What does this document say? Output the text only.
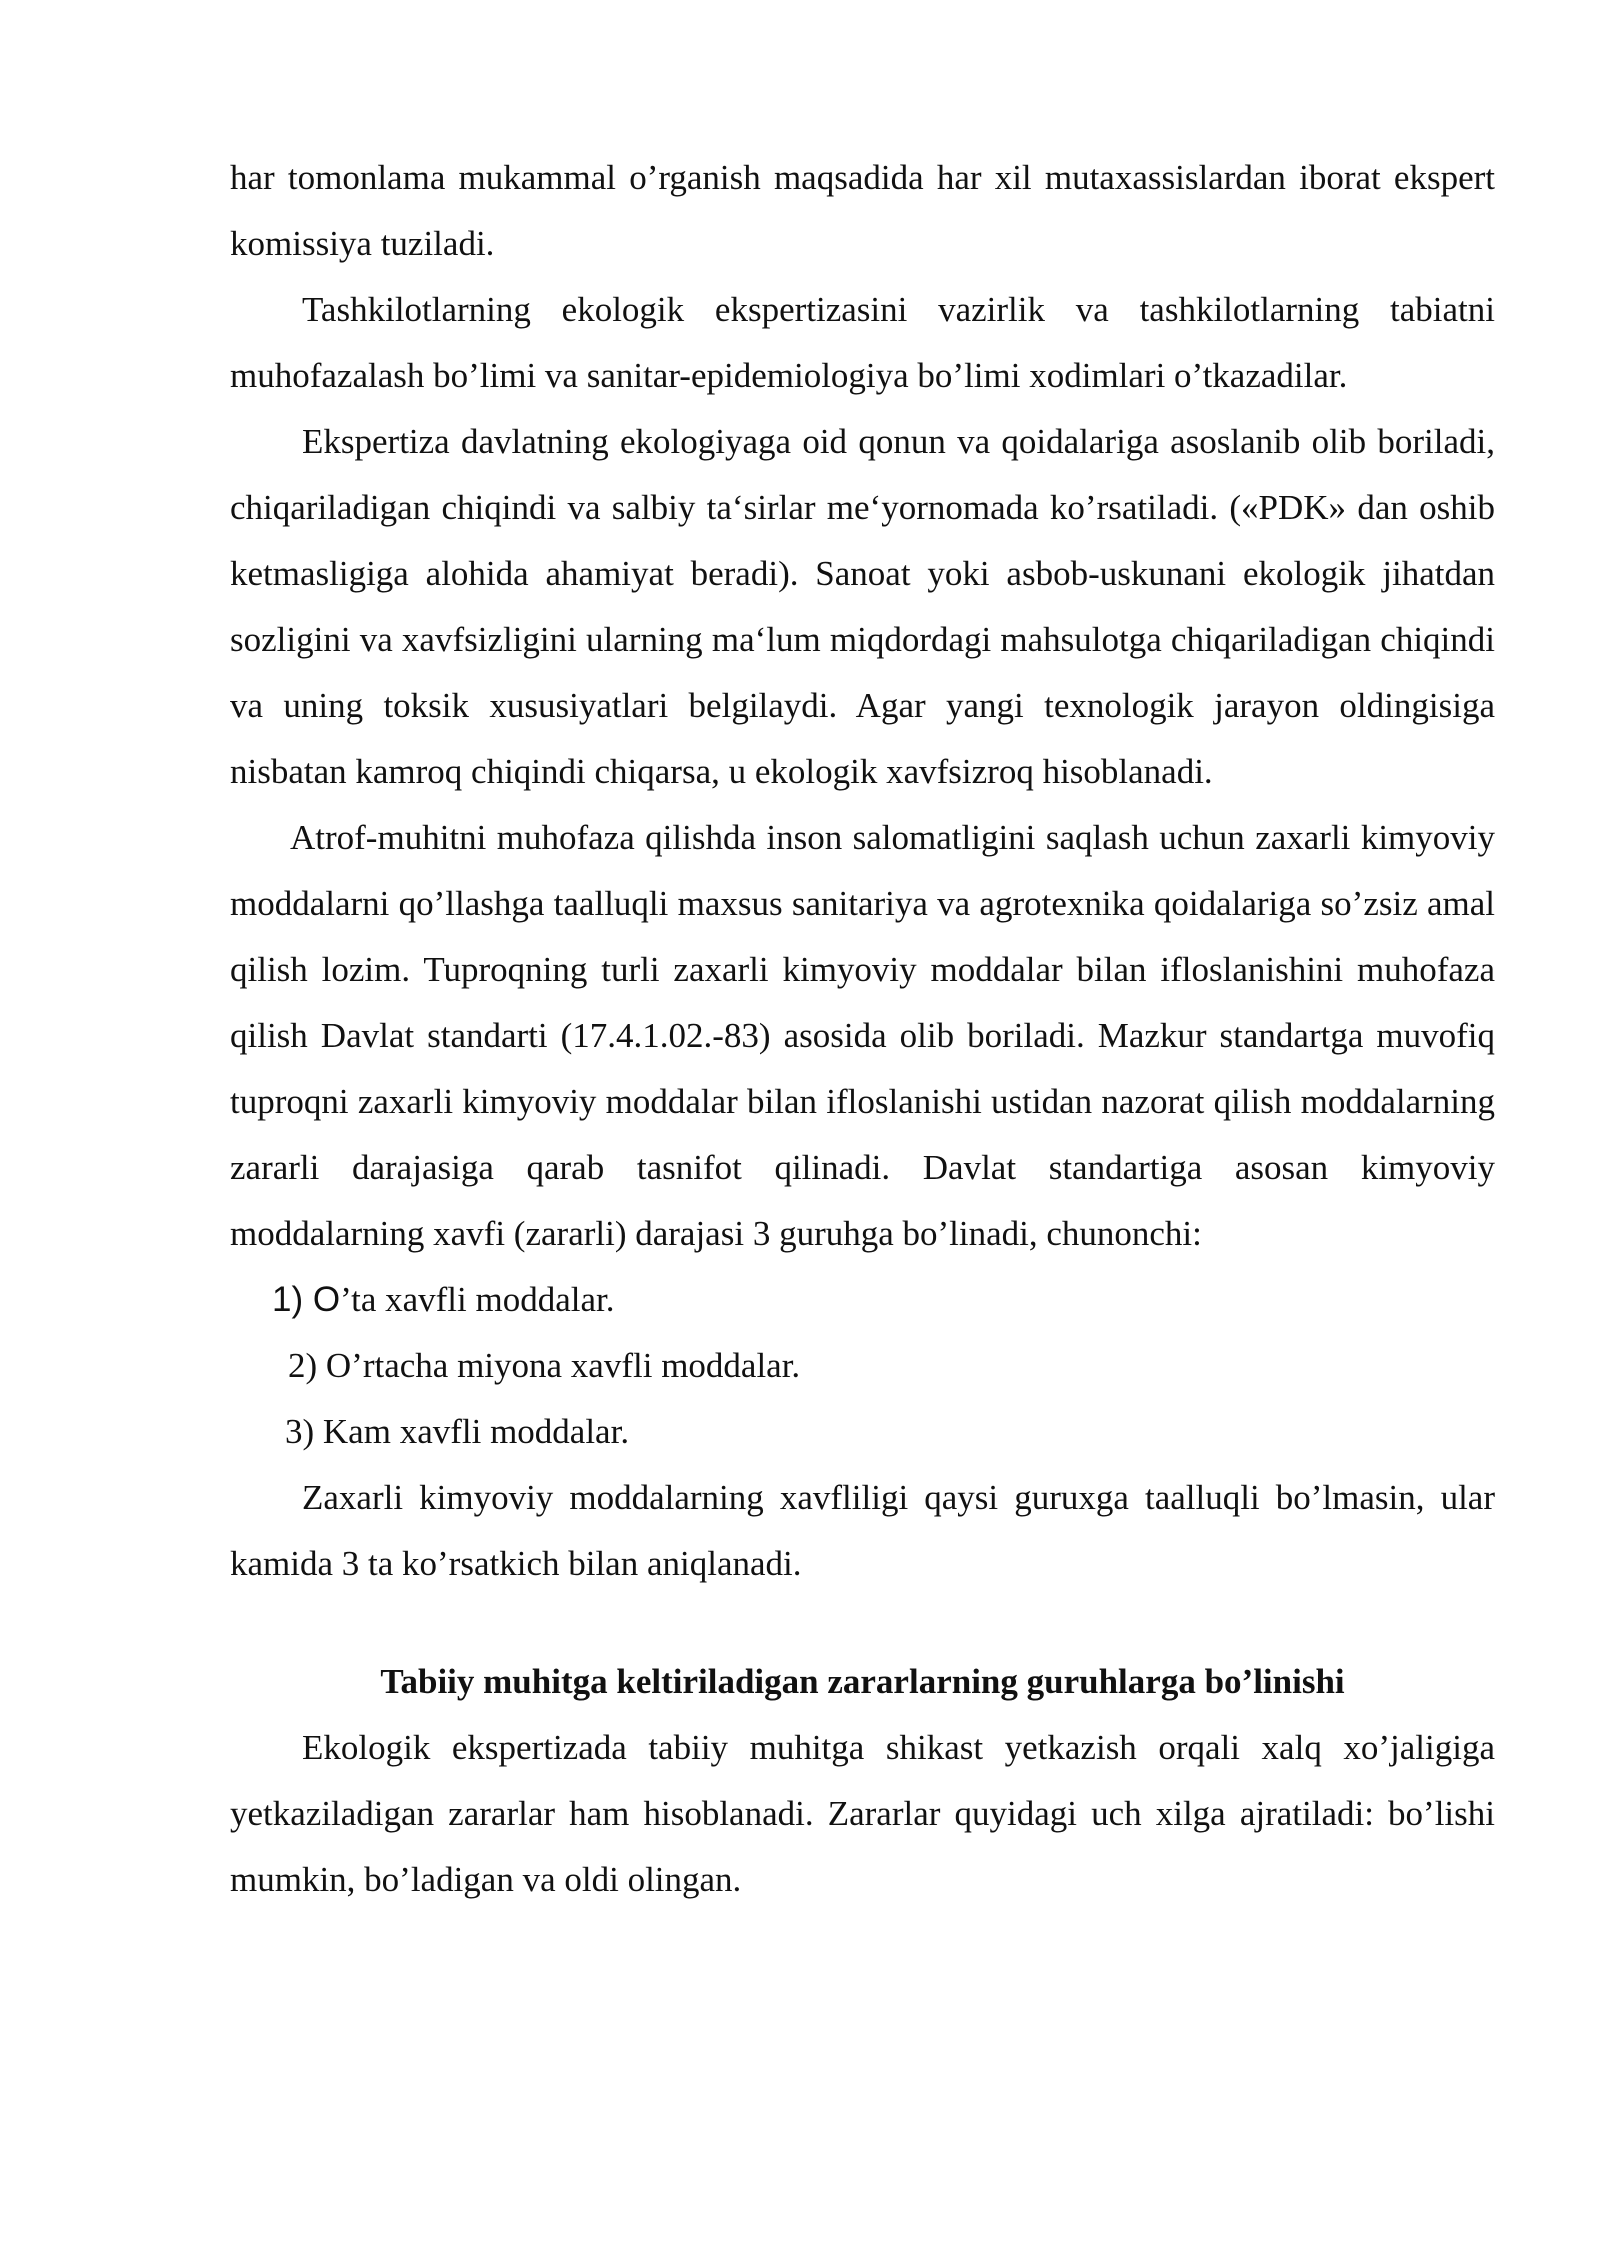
har tomonlama mukammal o’rganish maqsadida har xil mutaxassislardan iborat ekspert komissiya tuziladi.

Tashkilotlarning ekologik ekspertizasini vazirlik va tashkilotlarning tabiatni muhofazalash bo’limi va sanitar-epidemiologiya bo’limi xodimlari o’tkazadilar.

Ekspertiza davlatning ekologiyaga oid qonun va qoidalariga asoslanib olib boriladi, chiqariladigan chiqindi va salbiy ta‘sirlar me‘yornomada ko’rsatiladi. («PDK» dan oshib ketmasligiga alohida ahamiyat beradi). Sanoat yoki asbob-uskunani ekologik jihatdan sozligini va xavfsizligini ularning ma‘lum miqdordagi mahsulotga chiqariladigan chiqindi va uning toksik xususiyatlari belgilaydi. Agar yangi texnologik jarayon oldingisiga nisbatan kamroq chiqindi chiqarsa, u ekologik xavfsizroq hisoblanadi.

Atrof-muhitni muhofaza qilishda inson salomatligini saqlash uchun zaxarli kimyoviy moddalarni qo’llashga taalluqli maxsus sanitariya va agrotexnika qoidalariga so’zsiz amal qilish lozim. Tuproqning turli zaxarli kimyoviy moddalar bilan ifloslanishini muhofaza qilish Davlat standarti (17.4.1.02.-83) asosida olib boriladi. Mazkur standartga muvofiq tuproqni zaxarli kimyoviy moddalar bilan ifloslanishi ustidan nazorat qilish moddalarning zararli darajasiga qarab tasnifot qilinadi. Davlat standartiga asosan kimyoviy moddalarning xavfi (zararli) darajasi 3 guruhga bo’linadi, chunonchi:

1) O’ta xavfli moddalar.

2) O’rtacha miyona xavfli moddalar.

3) Kam xavfli moddalar.

Zaxarli kimyoviy moddalarning xavfliligi qaysi guruxga taalluqli bo’lmasin, ular kamida 3 ta ko’rsatkich bilan aniqlanadi.

Tabiiy muhitga keltiriladigan zararlarning guruhlarga bo’linishi

Ekologik ekspertizada tabiiy muhitga shikast yetkazish orqali xalq xo’jaligiga yetkaziladigan zararlar ham hisoblanadi. Zararlar quyidagi uch xilga ajratiladi: bo’lishi mumkin, bo’ladigan va oldi olingan.
